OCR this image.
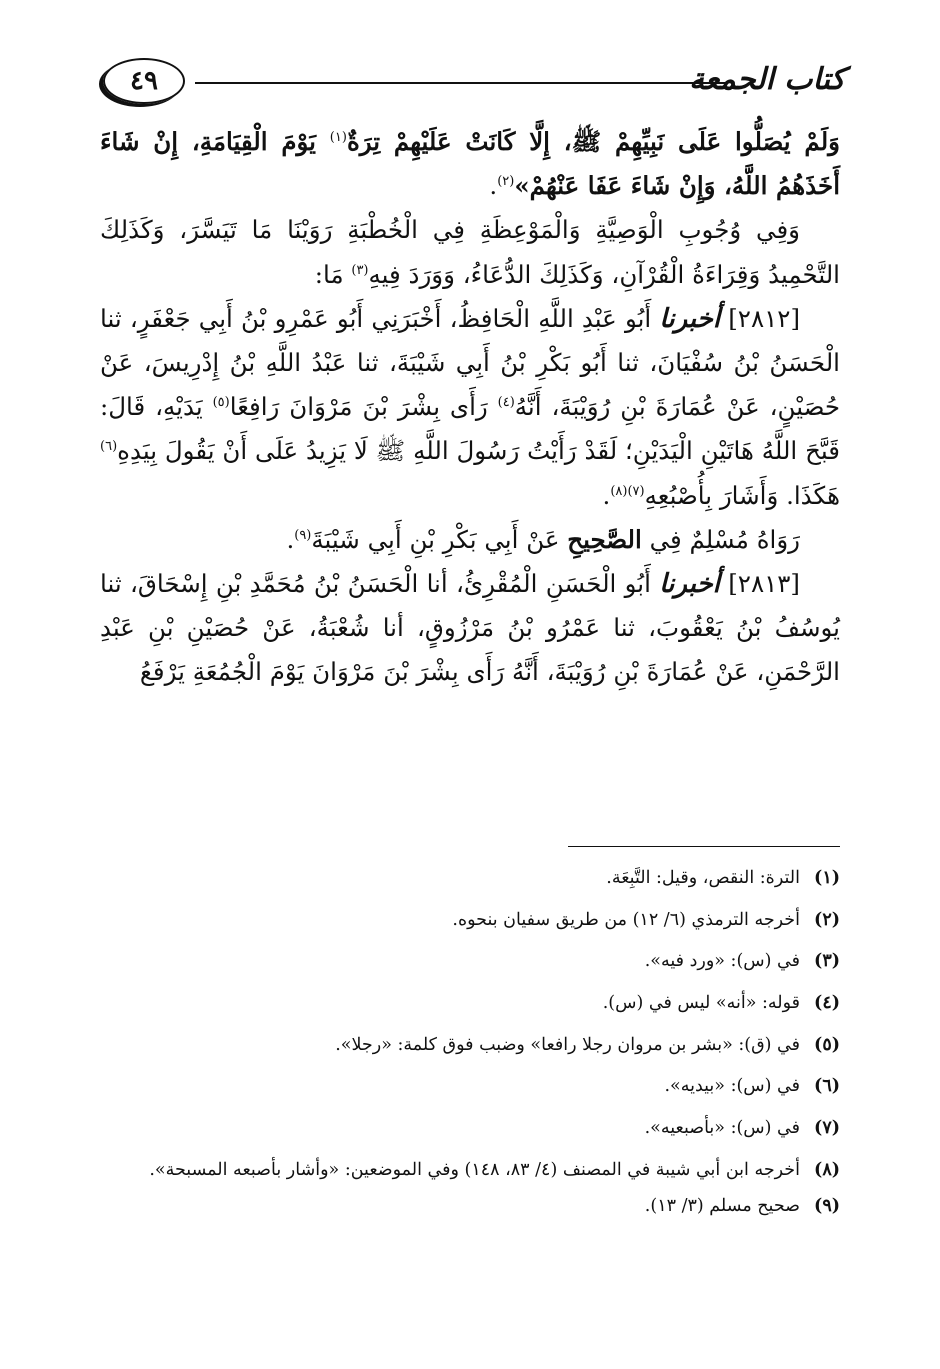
كتاب الجمعة
٤٩

وَلَمْ يُصَلُّوا عَلَى نَبِيِّهِمْ ﷺ، إِلَّا كَانَتْ عَلَيْهِمْ تِرَةٌ$^{(١)}$ يَوْمَ الْقِيَامَةِ، إِنْ شَاءَ أَخَذَهُمُ اللَّهُ، وَإِنْ شَاءَ عَفَا عَنْهُمْ»$^{(٢)}$.

وَفِي وُجُوبِ الْوَصِيَّةِ وَالْمَوْعِظَةِ فِي الْخُطْبَةِ رَوَيْنَا مَا تَيَسَّرَ، وَكَذَلِكَ التَّحْمِيدُ وَقِرَاءَةُ الْقُرْآنِ، وَكَذَلِكَ الدُّعَاءُ، وَوَرَدَ فِيهِ$^{(٣)}$ مَا:

[٢٨١٢] أخبرنا أَبُو عَبْدِ اللَّهِ الْحَافِظُ، أَخْبَرَنِي أَبُو عَمْرِو بْنُ أَبِي جَعْفَرٍ، ثنا الْحَسَنُ بْنُ سُفْيَانَ، ثنا أَبُو بَكْرِ بْنُ أَبِي شَيْبَةَ، ثنا عَبْدُ اللَّهِ بْنُ إِدْرِيسَ، عَنْ حُصَيْنٍ، عَنْ عُمَارَةَ بْنِ رُوَيْبَةَ، أَنَّهُ$^{(٤)}$ رَأَى بِشْرَ بْنَ مَرْوَانَ رَافِعًا$^{(٥)}$ يَدَيْهِ، قَالَ: قَبَّحَ اللَّهُ هَاتَيْنِ الْيَدَيْنِ؛ لَقَدْ رَأَيْتُ رَسُولَ اللَّهِ ﷺ لَا يَزِيدُ عَلَى أَنْ يَقُولَ بِيَدِهِ$^{(٦)}$ هَكَذَا. وَأَشَارَ بِأُصْبُعِهِ$^{(٧)(٨)}$.

رَوَاهُ مُسْلِمٌ فِي الصَّحِيحِ عَنْ أَبِي بَكْرِ بْنِ أَبِي شَيْبَةَ$^{(٩)}$.

[٢٨١٣] أخبرنا أَبُو الْحَسَنِ الْمُقْرِئُ، أنا الْحَسَنُ بْنُ مُحَمَّدِ بْنِ إِسْحَاقَ، ثنا يُوسُفُ بْنُ يَعْقُوبَ، ثنا عَمْرُو بْنُ مَرْزُوقٍ، أنا شُعْبَةُ، عَنْ حُصَيْنِ بْنِ عَبْدِ الرَّحْمَنِ، عَنْ عُمَارَةَ بْنِ رُوَيْبَةَ، أَنَّهُ رَأَى بِشْرَ بْنَ مَرْوَانَ يَوْمَ الْجُمُعَةِ يَرْفَعُ

(١)
الترة: النقص، وقيل: التَّبِعَة.
(٢)
أخرجه الترمذي (٦/ ١٢) من طريق سفيان بنحوه.
(٣)
في (س): «ورد فيه».
(٤)
قوله: «أنه» ليس في (س).
(٥)
في (ق): «بشر بن مروان رجلا رافعا» وضبب فوق كلمة: «رجلا».
(٦)
في (س): «بيديه».
(٧)
في (س): «بأصبعيه».
(٨)
أخرجه ابن أبي شيبة في المصنف (٤/ ٨٣، ١٤٨) وفي الموضعين: «وأشار بأصبعه المسبحة».
(٩)
صحيح مسلم (٣/ ١٣).
